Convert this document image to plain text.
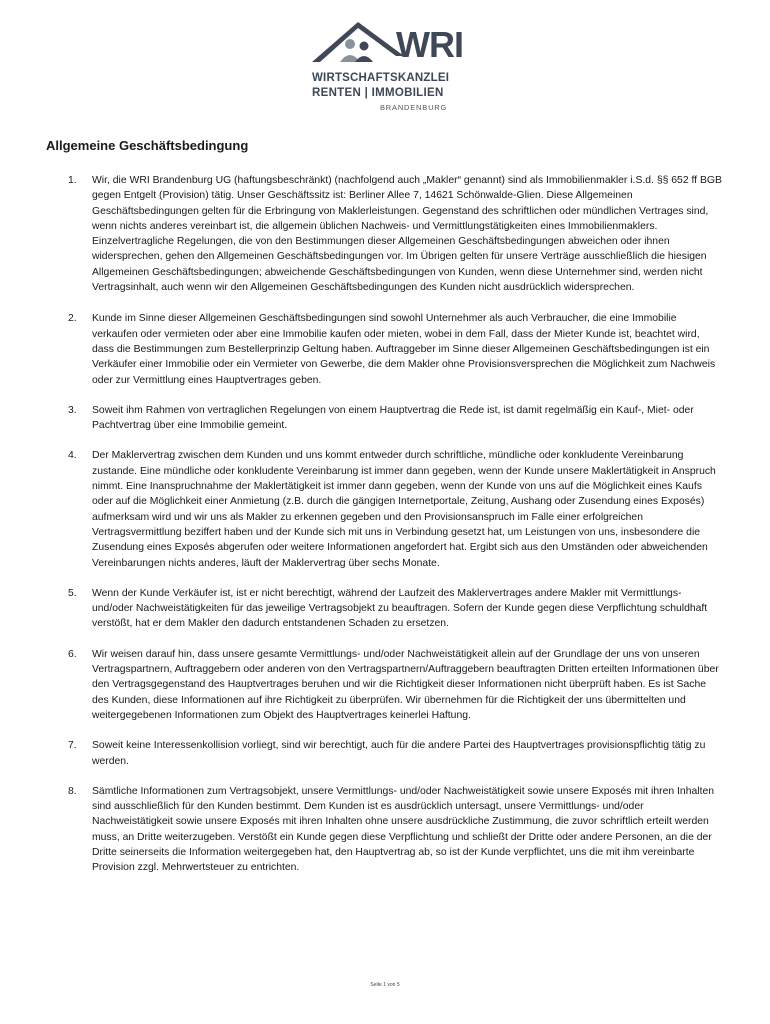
WRI
WIRTSCHAFTSKANZLEI
RENTEN | IMMOBILIEN
BRANDENBURG
Allgemeine Geschäftsbedingung
1. Wir, die WRI Brandenburg UG (haftungsbeschränkt) (nachfolgend auch „Makler“ genannt) sind als Immobilienmakler i.S.d. §§ 652 ff BGB gegen Entgelt (Provision) tätig. Unser Geschäftssitz ist: Berliner Allee 7, 14621 Schönwalde-Glien. Diese Allgemeinen Geschäftsbedingungen gelten für die Erbringung von Maklerleistungen. Gegenstand des schriftlichen oder mündlichen Vertrages sind, wenn nichts anderes vereinbart ist, die allgemein üblichen Nachweis- und Vermittlungstätigkeiten eines Immobilienmaklers. Einzelvertragliche Regelungen, die von den Bestimmungen dieser Allgemeinen Geschäftsbedingungen abweichen oder ihnen widersprechen, gehen den Allgemeinen Geschäftsbedingungen vor. Im Übrigen gelten für unsere Verträge ausschließlich die hiesigen Allgemeinen Geschäftsbedingungen; abweichende Geschäftsbedingungen von Kunden, wenn diese Unternehmer sind, werden nicht Vertragsinhalt, auch wenn wir den Allgemeinen Geschäftsbedingungen des Kunden nicht ausdrücklich widersprechen.
2. Kunde im Sinne dieser Allgemeinen Geschäftsbedingungen sind sowohl Unternehmer als auch Verbraucher, die eine Immobilie verkaufen oder vermieten oder aber eine Immobilie kaufen oder mieten, wobei in dem Fall, dass der Mieter Kunde ist, beachtet wird, dass die Bestimmungen zum Bestellerprinzip Geltung haben. Auftraggeber im Sinne dieser Allgemeinen Geschäftsbedingungen ist ein Verkäufer einer Immobilie oder ein Vermieter von Gewerbe, die dem Makler ohne Provisionsversprechen die Möglichkeit zum Nachweis oder zur Vermittlung eines Hauptvertrages geben.
3. Soweit ihm Rahmen von vertraglichen Regelungen von einem Hauptvertrag die Rede ist, ist damit regelmäßig ein Kauf-, Miet- oder Pachtvertrag über eine Immobilie gemeint.
4. Der Maklervertrag zwischen dem Kunden und uns kommt entweder durch schriftliche, mündliche oder konkludente Vereinbarung zustande. Eine mündliche oder konkludente Vereinbarung ist immer dann gegeben, wenn der Kunde unsere Maklertätigkeit in Anspruch nimmt. Eine Inanspruchnahme der Maklertätigkeit ist immer dann gegeben, wenn der Kunde von uns auf die Möglichkeit eines Kaufs oder auf die Möglichkeit einer Anmietung (z.B. durch die gängigen Internetportale, Zeitung, Aushang oder Zusendung eines Exposés) aufmerksam wird und wir uns als Makler zu erkennen gegeben und den Provisionsanspruch im Falle einer erfolgreichen Vertragsvermittlung beziffert haben und der Kunde sich mit uns in Verbindung gesetzt hat, um Leistungen von uns, insbesondere die Zusendung eines Exposés abgerufen oder weitere Informationen angefordert hat. Ergibt sich aus den Umständen oder abweichenden Vereinbarungen nichts anderes, läuft der Maklervertrag über sechs Monate.
5. Wenn der Kunde Verkäufer ist, ist er nicht berechtigt, während der Laufzeit des Maklervertrages andere Makler mit Vermittlungs- und/oder Nachweistätigkeiten für das jeweilige Vertragsobjekt zu beauftragen. Sofern der Kunde gegen diese Verpflichtung schuldhaft verstößt, hat er dem Makler den dadurch entstandenen Schaden zu ersetzen.
6. Wir weisen darauf hin, dass unsere gesamte Vermittlungs- und/oder Nachweistätigkeit allein auf der Grundlage der uns von unseren Vertragspartnern, Auftraggebern oder anderen von den Vertragspartnern/Auftraggebern beauftragten Dritten erteilten Informationen über den Vertragsgegenstand des Hauptvertrages beruhen und wir die Richtigkeit dieser Informationen nicht überprüft haben. Es ist Sache des Kunden, diese Informationen auf ihre Richtigkeit zu überprüfen. Wir übernehmen für die Richtigkeit der uns übermittelten und weitergegebenen Informationen zum Objekt des Hauptvertrages keinerlei Haftung.
7. Soweit keine Interessenkollision vorliegt, sind wir berechtigt, auch für die andere Partei des Hauptvertrages provisionspflichtig tätig zu werden.
8. Sämtliche Informationen zum Vertragsobjekt, unsere Vermittlungs- und/oder Nachweistätigkeit sowie unsere Exposés mit ihren Inhalten sind ausschließlich für den Kunden bestimmt. Dem Kunden ist es ausdrücklich untersagt, unsere Vermittlungs- und/oder Nachweistätigkeit sowie unsere Exposés mit ihren Inhalten ohne unsere ausdrückliche Zustimmung, die zuvor schriftlich erteilt werden muss, an Dritte weiterzugeben. Verstößt ein Kunde gegen diese Verpflichtung und schließt der Dritte oder andere Personen, an die der Dritte seinerseits die Information weitergegeben hat, den Hauptvertrag ab, so ist der Kunde verpflichtet, uns die mit ihm vereinbarte Provision zzgl. Mehrwertsteuer zu entrichten.
Seite 1 von 5
